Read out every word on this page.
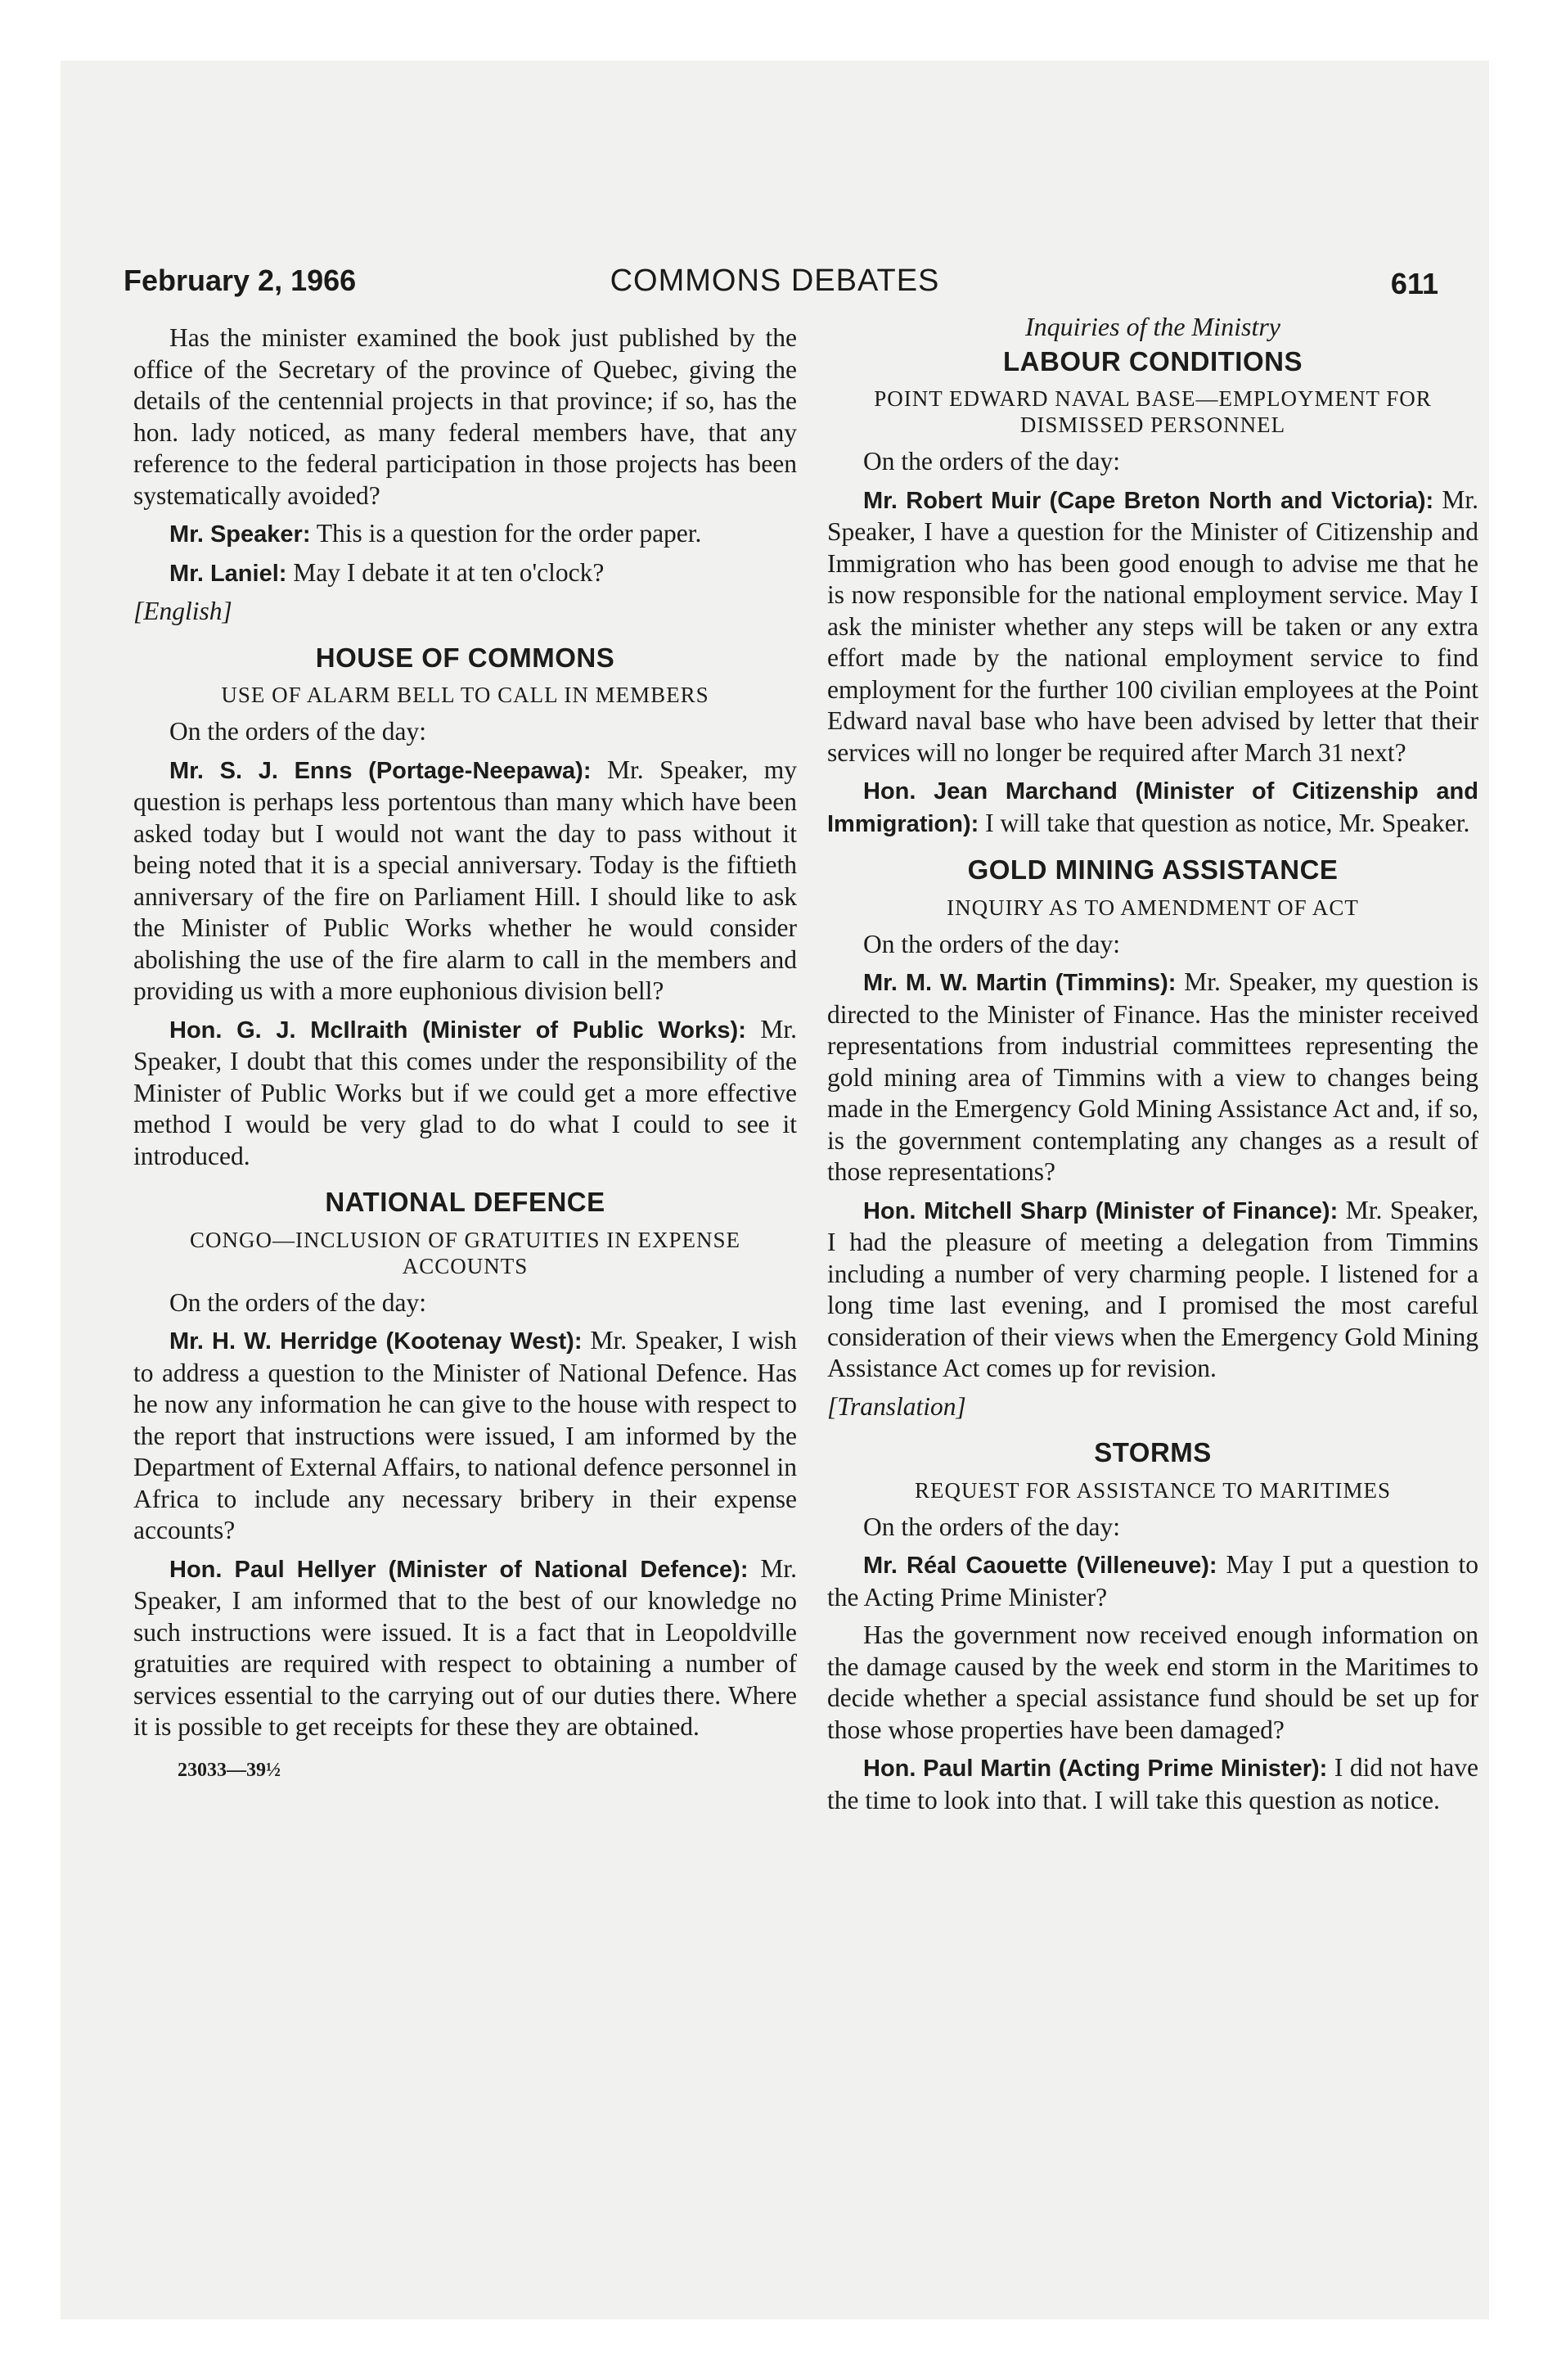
February 2, 1966	COMMONS DEBATES	611

Has the minister examined the book just published by the office of the Secretary of the province of Quebec, giving the details of the centennial projects in that province; if so, has the hon. lady noticed, as many federal members have, that any reference to the federal participation in those projects has been systematically avoided?

Mr. Speaker: This is a question for the order paper.

Mr. Laniel: May I debate it at ten o'clock?

[English]

HOUSE OF COMMONS
USE OF ALARM BELL TO CALL IN MEMBERS

On the orders of the day:

Mr. S. J. Enns (Portage-Neepawa): Mr. Speaker, my question is perhaps less portentous than many which have been asked today but I would not want the day to pass without it being noted that it is a special anniversary. Today is the fiftieth anniversary of the fire on Parliament Hill. I should like to ask the Minister of Public Works whether he would consider abolishing the use of the fire alarm to call in the members and providing us with a more euphonious division bell?

Hon. G. J. McIlraith (Minister of Public Works): Mr. Speaker, I doubt that this comes under the responsibility of the Minister of Public Works but if we could get a more effective method I would be very glad to do what I could to see it introduced.

NATIONAL DEFENCE
CONGO—INCLUSION OF GRATUITIES IN EXPENSE ACCOUNTS

On the orders of the day:

Mr. H. W. Herridge (Kootenay West): Mr. Speaker, I wish to address a question to the Minister of National Defence. Has he now any information he can give to the house with respect to the report that instructions were issued, I am informed by the Department of External Affairs, to national defence personnel in Africa to include any necessary bribery in their expense accounts?

Hon. Paul Hellyer (Minister of National Defence): Mr. Speaker, I am informed that to the best of our knowledge no such instructions were issued. It is a fact that in Leopoldville gratuities are required with respect to obtaining a number of services essential to the carrying out of our duties there. Where it is possible to get receipts for these they are obtained.

23033—39½
Inquiries of the Ministry
LABOUR CONDITIONS
POINT EDWARD NAVAL BASE—EMPLOYMENT FOR DISMISSED PERSONNEL

On the orders of the day:

Mr. Robert Muir (Cape Breton North and Victoria): Mr. Speaker, I have a question for the Minister of Citizenship and Immigration who has been good enough to advise me that he is now responsible for the national employment service. May I ask the minister whether any steps will be taken or any extra effort made by the national employment service to find employment for the further 100 civilian employees at the Point Edward naval base who have been advised by letter that their services will no longer be required after March 31 next?

Hon. Jean Marchand (Minister of Citizenship and Immigration): I will take that question as notice, Mr. Speaker.

GOLD MINING ASSISTANCE
INQUIRY AS TO AMENDMENT OF ACT

On the orders of the day:

Mr. M. W. Martin (Timmins): Mr. Speaker, my question is directed to the Minister of Finance. Has the minister received representations from industrial committees representing the gold mining area of Timmins with a view to changes being made in the Emergency Gold Mining Assistance Act and, if so, is the government contemplating any changes as a result of those representations?

Hon. Mitchell Sharp (Minister of Finance): Mr. Speaker, I had the pleasure of meeting a delegation from Timmins including a number of very charming people. I listened for a long time last evening, and I promised the most careful consideration of their views when the Emergency Gold Mining Assistance Act comes up for revision.

[Translation]

STORMS
REQUEST FOR ASSISTANCE TO MARITIMES

On the orders of the day:

Mr. Réal Caouette (Villeneuve): May I put a question to the Acting Prime Minister?

Has the government now received enough information on the damage caused by the week end storm in the Maritimes to decide whether a special assistance fund should be set up for those whose properties have been damaged?

Hon. Paul Martin (Acting Prime Minister): I did not have the time to look into that. I will take this question as notice.
